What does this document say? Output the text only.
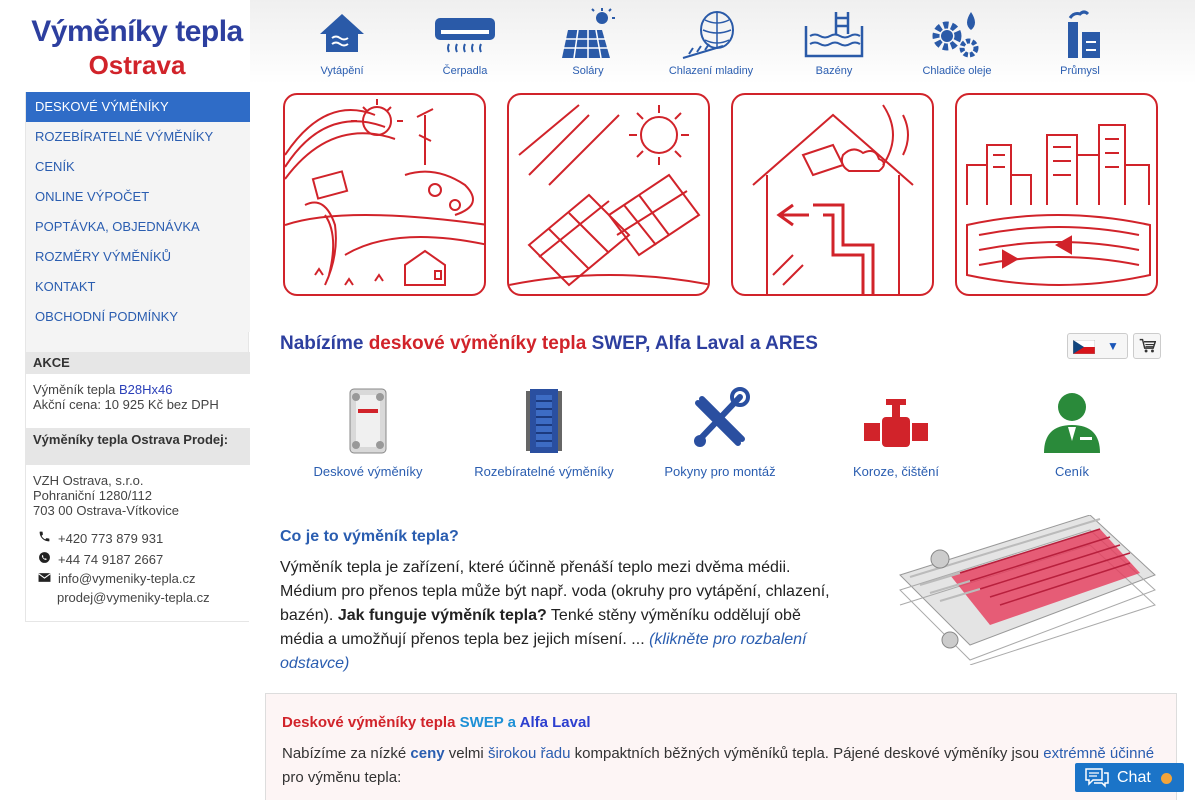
Výměníky tepla
Ostrava
DESKOVÉ VÝMĚNÍKY
ROZEBÍRATELNÉ VÝMĚNÍKY
CENÍK
ONLINE VÝPOČET
POPTÁVKA, OBJEDNÁVKA
ROZMĚRY VÝMĚNÍKŮ
KONTAKT
OBCHODNÍ PODMÍNKY
AKCE
Výměník tepla B28Hx46
Akční cena: 10 925 Kč bez DPH
Výměníky tepla Ostrava Prodej:
VZH Ostrava, s.r.o.
Pohraniční 1280/112
703 00 Ostrava-Vítkovice
+420 773 879 931
+44 74 9187 2667
info@vymeniky-tepla.cz
prodej@vymeniky-tepla.cz
Vytápění	Čerpadla	Soláry	Chlazení mladiny	Bazény	Chladiče oleje	Průmysl
Nabízíme deskové výměníky tepla SWEP, Alfa Laval a ARES	▼
Deskové výměníky	Rozebíratelné výměníky	Pokyny pro montáž	Koroze, čištění	Ceník
Co je to výměník tepla?
Výměník tepla je zařízení, které účinně přenáší teplo mezi dvěma médii. Médium pro přenos tepla může být např. voda (okruhy pro vytápění, chlazení, bazén). Jak funguje výměník tepla? Tenké stěny výměníku oddělují obě média a umožňují přenos tepla bez jejich mísení. ... (klikněte pro rozbalení odstavce)
Deskové výměníky tepla SWEP a Alfa Laval
Nabízíme za nízké ceny velmi širokou řadu kompaktních běžných výměníků tepla. Pájené deskové výměníky jsou extrémně účinné pro výměnu tepla:	Chat
